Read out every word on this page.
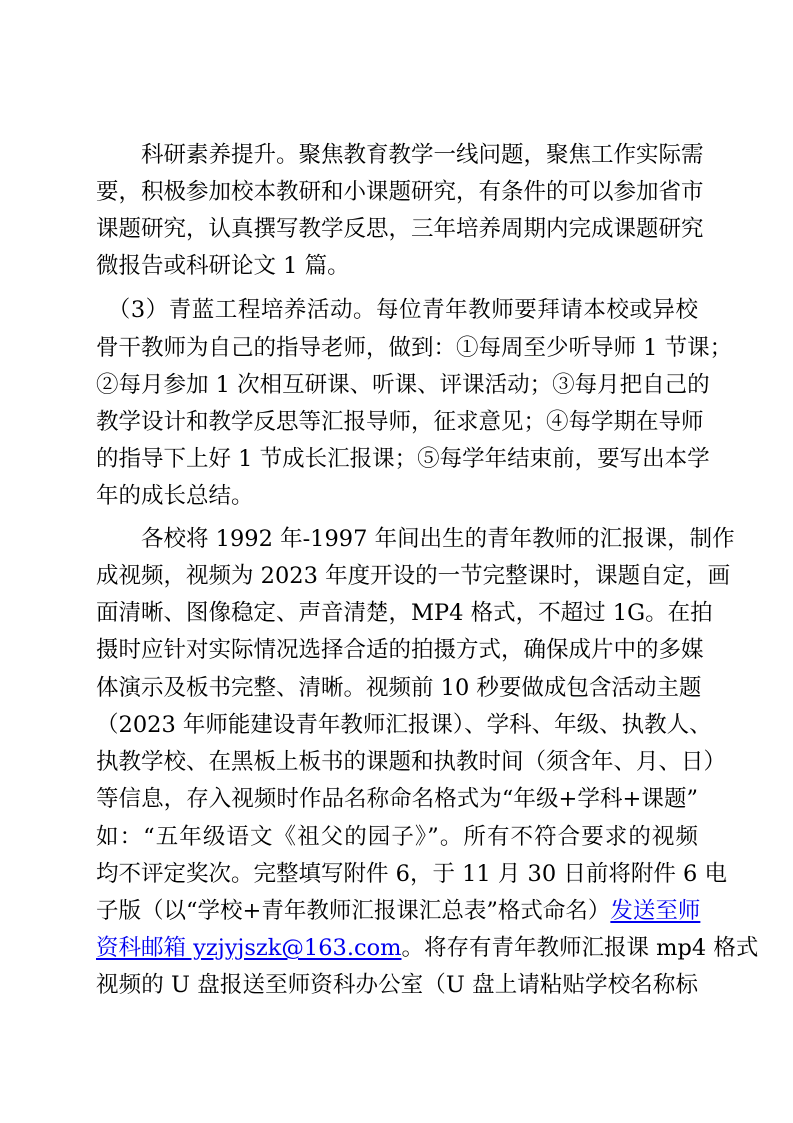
　　科研素养提升。聚焦教育教学一线问题，聚焦工作实际需
要，积极参加校本教研和小课题研究，有条件的可以参加省市
课题研究，认真撰写教学反思，三年培养周期内完成课题研究
微报告或科研论文 1 篇。
　（3）青蓝工程培养活动。每位青年教师要拜请本校或异校
骨干教师为自己的指导老师，做到：①每周至少听导师 1 节课；
②每月参加 1 次相互研课、听课、评课活动；③每月把自己的
教学设计和教学反思等汇报导师，征求意见；④每学期在导师
的指导下上好 1 节成长汇报课；⑤每学年结束前，要写出本学
年的成长总结。
　　各校将 1992 年-1997 年间出生的青年教师的汇报课，制作
成视频，视频为 2023 年度开设的一节完整课时，课题自定，画
面清晰、图像稳定、声音清楚，MP4 格式，不超过 1G。在拍
摄时应针对实际情况选择合适的拍摄方式，确保成片中的多媒
体演示及板书完整、清晰。视频前 10 秒要做成包含活动主题
（2023 年师能建设青年教师汇报课）、学科、年级、执教人、
执教学校、在黑板上板书的课题和执教时间（须含年、月、日）
等信息，存入视频时作品名称命名格式为“年级+学科+课题”
如：“五年级语文《祖父的园子》”。所有不符合要求的视频
均不评定奖次。完整填写附件 6，于 11 月 30 日前将附件 6 电
子版（以“学校+青年教师汇报课汇总表”格式命名）发送至师
资科邮箱 yzjyjszk@163.com。将存有青年教师汇报课 mp4 格式
视频的 U 盘报送至师资科办公室（U 盘上请粘贴学校名称标
